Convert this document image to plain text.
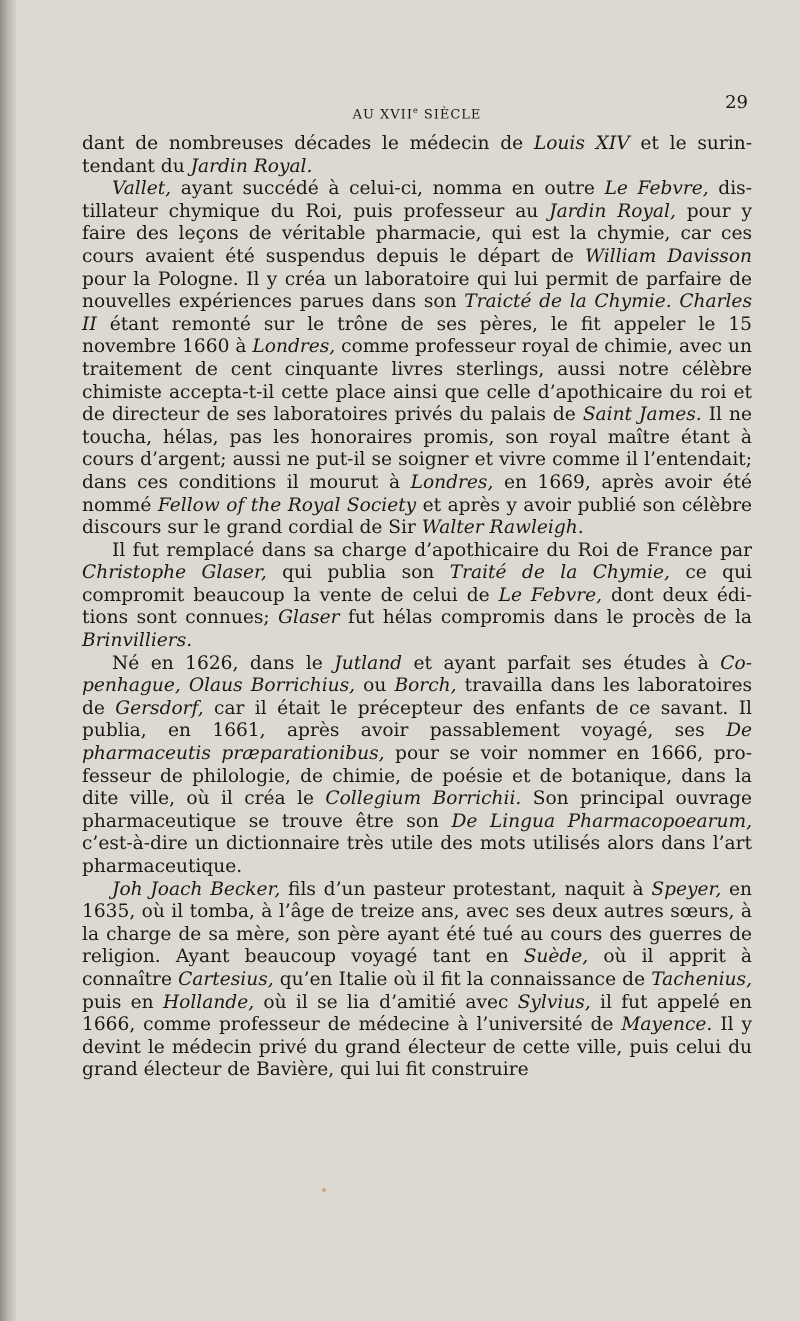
AU XVIIe SIÈCLE
29

dant de nombreuses décades le médecin de Louis XIV et le surintendant du Jardin Royal.

Vallet, ayant succédé à celui-ci, nomma en outre Le Febvre, distillateur chymique du Roi, puis professeur au Jardin Royal, pour y faire des leçons de véritable pharmacie, qui est la chymie, car ces cours avaient été suspendus depuis le départ de William Davisson pour la Pologne. Il y créa un laboratoire qui lui permit de parfaire de nouvelles expériences parues dans son Traicté de la Chymie. Charles II étant remonté sur le trône de ses pères, le fit appeler le 15 novembre 1660 à Londres, comme professeur royal de chimie, avec un traitement de cent cinquante livres sterlings, aussi notre célèbre chimiste accepta-t-il cette place ainsi que celle d’apothicaire du roi et de directeur de ses laboratoires privés du palais de Saint James. Il ne toucha, hélas, pas les honoraires promis, son royal maître étant à cours d’argent; aussi ne put-il se soigner et vivre comme il l’entendait; dans ces conditions il mourut à Londres, en 1669, après avoir été nommé Fellow of the Royal Society et après y avoir publié son célèbre discours sur le grand cordial de Sir Walter Rawleigh.

Il fut remplacé dans sa charge d’apothicaire du Roi de France par Christophe Glaser, qui publia son Traité de la Chymie, ce qui compromit beaucoup la vente de celui de Le Febvre, dont deux éditions sont connues; Glaser fut hélas compromis dans le procès de la Brinvilliers.

Né en 1626, dans le Jutland et ayant parfait ses études à Copenhague, Olaus Borrichius, ou Borch, travailla dans les laboratoires de Gersdorf, car il était le précepteur des enfants de ce savant. Il publia, en 1661, après avoir passablement voyagé, ses De pharmaceutis præparationibus, pour se voir nommer en 1666, professeur de philologie, de chimie, de poésie et de botanique, dans la dite ville, où il créa le Collegium Borrichii. Son principal ouvrage pharmaceutique se trouve être son De Lingua Pharmacopoearum, c’est-à-dire un dictionnaire très utile des mots utilisés alors dans l’art pharmaceutique.

Joh Joach Becker, fils d’un pasteur protestant, naquit à Speyer, en 1635, où il tomba, à l’âge de treize ans, avec ses deux autres sœurs, à la charge de sa mère, son père ayant été tué au cours des guerres de religion. Ayant beaucoup voyagé tant en Suède, où il apprit à connaître Cartesius, qu’en Italie où il fit la connaissance de Tachenius, puis en Hollande, où il se lia d’amitié avec Sylvius, il fut appelé en 1666, comme professeur de médecine à l’université de Mayence. Il y devint le médecin privé du grand électeur de cette ville, puis celui du grand électeur de Bavière, qui lui fit construire
